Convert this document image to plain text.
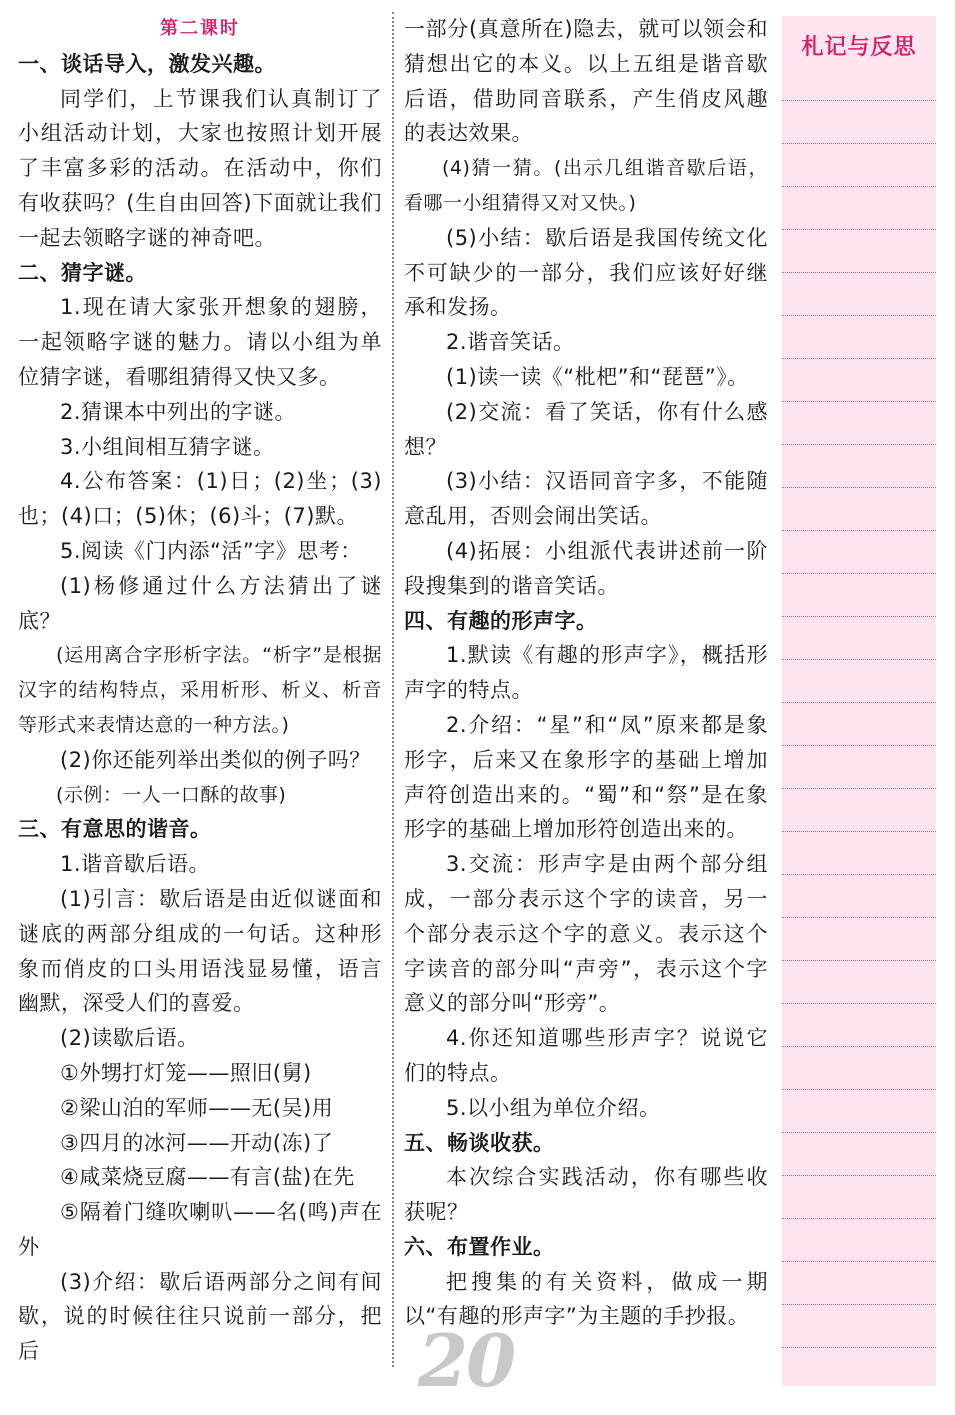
第二课时

一、谈话导入，激发兴趣。

同学们，上节课我们认真制订了小组活动计划，大家也按照计划开展了丰富多彩的活动。在活动中，你们有收获吗？(生自由回答)下面就让我们一起去领略字谜的神奇吧。

二、猜字谜。

1.现在请大家张开想象的翅膀，一起领略字谜的魅力。请以小组为单位猜字谜，看哪组猜得又快又多。

2.猜课本中列出的字谜。

3.小组间相互猜字谜。

4.公布答案：(1)日；(2)坐；(3)也；(4)口；(5)休；(6)斗；(7)默。

5.阅读《门内添“活”字》思考：

(1)杨修通过什么方法猜出了谜底？

(运用离合字形析字法。“析字”是根据汉字的结构特点，采用析形、析义、析音等形式来表情达意的一种方法。)

(2)你还能列举出类似的例子吗？

(示例：一人一口酥的故事)

三、有意思的谐音。

1.谐音歇后语。

(1)引言：歇后语是由近似谜面和谜底的两部分组成的一句话。这种形象而俏皮的口头用语浅显易懂，语言幽默，深受人们的喜爱。

(2)读歇后语。

①外甥打灯笼——照旧(舅)

②梁山泊的军师——无(吴)用

③四月的冰河——开动(冻)了

④咸菜烧豆腐——有言(盐)在先

⑤隔着门缝吹喇叭——名(鸣)声在外

(3)介绍：歇后语两部分之间有间歇，说的时候往往只说前一部分，把后

一部分(真意所在)隐去，就可以领会和猜想出它的本义。以上五组是谐音歇后语，借助同音联系，产生俏皮风趣的表达效果。

(4)猜一猜。(出示几组谐音歇后语，看哪一小组猜得又对又快。)

(5)小结：歇后语是我国传统文化不可缺少的一部分，我们应该好好继承和发扬。

2.谐音笑话。

(1)读一读《“枇杷”和“琵琶”》。

(2)交流：看了笑话，你有什么感想？

(3)小结：汉语同音字多，不能随意乱用，否则会闹出笑话。

(4)拓展：小组派代表讲述前一阶段搜集到的谐音笑话。

四、有趣的形声字。

1.默读《有趣的形声字》，概括形声字的特点。

2.介绍：“星”和“凤”原来都是象形字，后来又在象形字的基础上增加声符创造出来的。“蜀”和“祭”是在象形字的基础上增加形符创造出来的。

3.交流：形声字是由两个部分组成，一部分表示这个字的读音，另一个部分表示这个字的意义。表示这个字读音的部分叫“声旁”，表示这个字意义的部分叫“形旁”。

4.你还知道哪些形声字？说说它们的特点。

5.以小组为单位介绍。

五、畅谈收获。

本次综合实践活动，你有哪些收获呢？

六、布置作业。

把搜集的有关资料，做成一期以“有趣的形声字”为主题的手抄报。

札记与反思
20
